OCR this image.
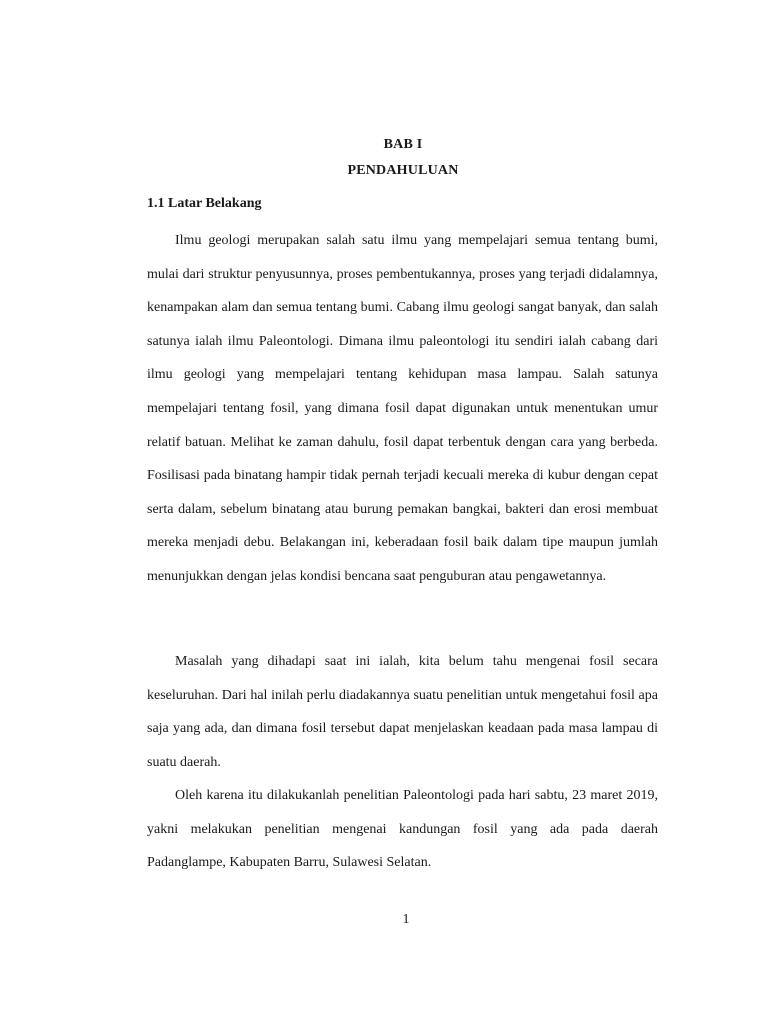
BAB I
PENDAHULUAN
1.1 Latar Belakang

Ilmu geologi merupakan salah satu ilmu yang mempelajari semua tentang bumi, mulai dari struktur penyusunnya, proses pembentukannya, proses yang terjadi didalamnya, kenampakan alam dan semua tentang bumi. Cabang ilmu geologi sangat banyak, dan salah satunya ialah ilmu Paleontologi. Dimana ilmu paleontologi itu sendiri ialah cabang dari ilmu geologi yang mempelajari tentang kehidupan masa lampau. Salah satunya mempelajari tentang fosil, yang dimana fosil dapat digunakan untuk menentukan umur relatif batuan. Melihat ke zaman dahulu, fosil dapat terbentuk dengan cara yang berbeda. Fosilisasi pada binatang hampir tidak pernah terjadi kecuali mereka di kubur dengan cepat serta dalam, sebelum binatang atau burung pemakan bangkai, bakteri dan erosi membuat mereka menjadi debu. Belakangan ini, keberadaan fosil baik dalam tipe maupun jumlah menunjukkan dengan jelas kondisi bencana saat penguburan atau pengawetannya.

Masalah yang dihadapi saat ini ialah, kita belum tahu mengenai fosil secara keseluruhan. Dari hal inilah perlu diadakannya suatu penelitian untuk mengetahui fosil apa saja yang ada, dan dimana fosil tersebut dapat menjelaskan keadaan pada masa lampau di suatu daerah.

Oleh karena itu dilakukanlah penelitian Paleontologi pada hari sabtu, 23 maret 2019, yakni melakukan penelitian mengenai kandungan fosil yang ada pada daerah Padanglampe, Kabupaten Barru, Sulawesi Selatan.

1
